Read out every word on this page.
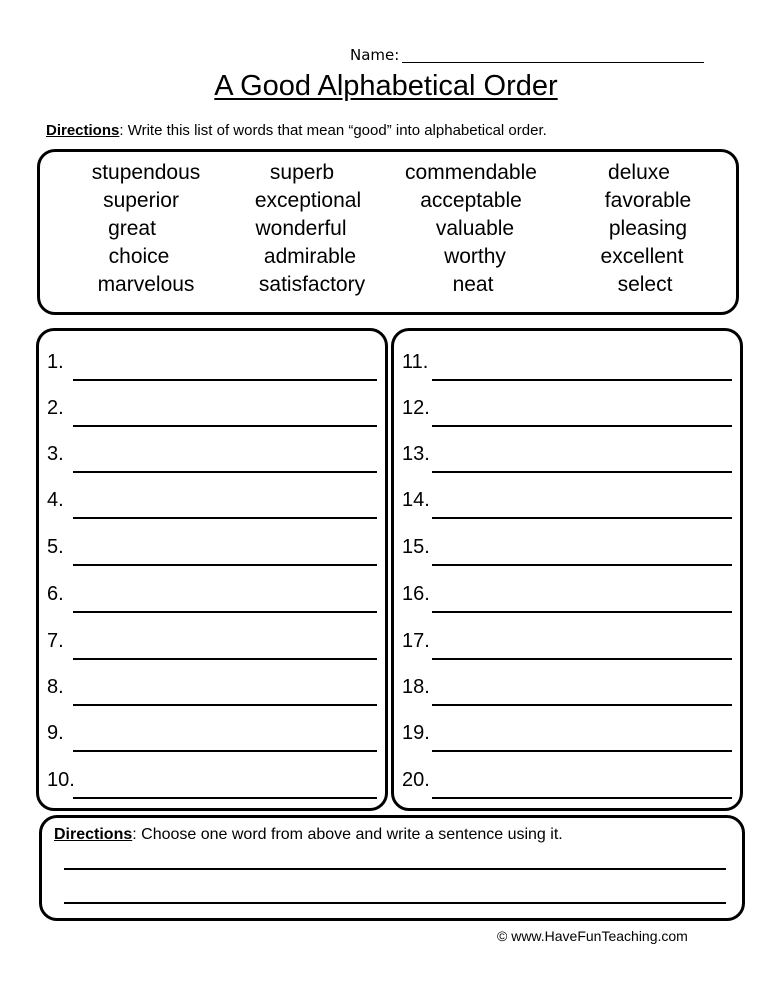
Name:
A Good Alphabetical Order
Directions: Write this list of words that mean “good” into alphabetical order.
stupendous	superb	commendable	deluxe
superior	exceptional	acceptable	favorable
great	wonderful	valuable	pleasing
choice	admirable	worthy	excellent
marvelous	satisfactory	neat	select
1.
2.
3.
4.
5.
6.
7.
8.
9.
10.
11.
12.
13.
14.
15.
16.
17.
18.
19.
20.
Directions: Choose one word from above and write a sentence using it.
© www.HaveFunTeaching.com
